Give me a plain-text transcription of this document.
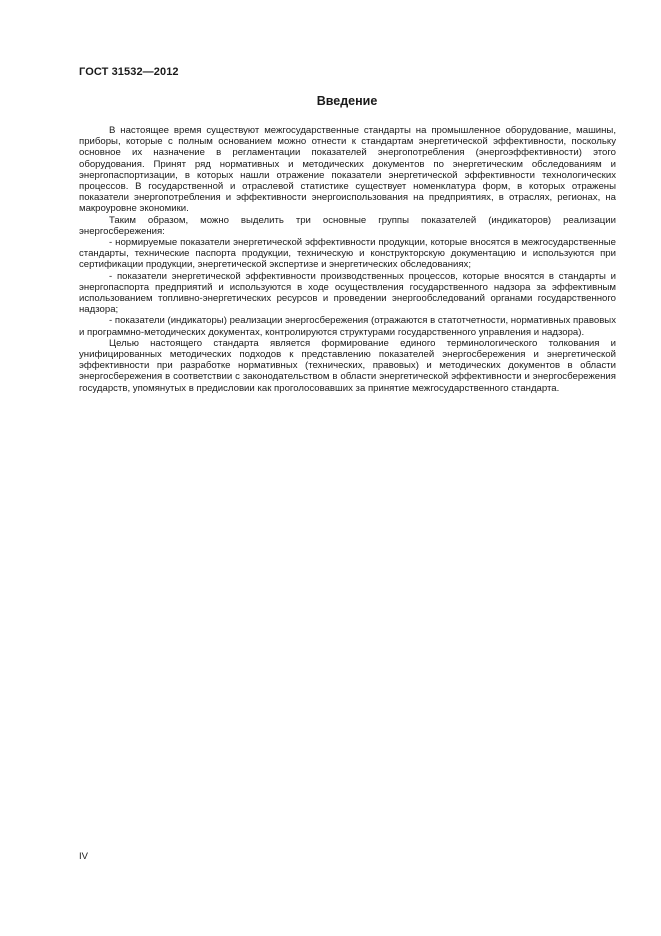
ГОСТ 31532—2012
Введение

В настоящее время существуют межгосударственные стандарты на промышленное оборудование, машины, приборы, которые с полным основанием можно отнести к стандартам энергетической эффективности, поскольку основное их назначение в регламентации показателей энергопотребления (энергоэффективности) этого оборудования. Принят ряд нормативных и методических документов по энергетическим обследованиям и энергопаспортизации, в которых нашли отражение показатели энергетической эффективности технологических процессов. В государственной и отраслевой статистике существует номенклатура форм, в которых отражены показатели энергопотребления и эффективности энергоиспользования на предприятиях, в отраслях, регионах, на макроуровне экономики.

Таким образом, можно выделить три основные группы показателей (индикаторов) реализации энергосбережения:

- нормируемые показатели энергетической эффективности продукции, которые вносятся в межгосударственные стандарты, технические паспорта продукции, техническую и конструкторскую документацию и используются при сертификации продукции, энергетической экспертизе и энергетических обследованиях;

- показатели энергетической эффективности производственных процессов, которые вносятся в стандарты и энергопаспорта предприятий и используются в ходе осуществления государственного надзора за эффективным использованием топливно-энергетических ресурсов и проведении энергообследований органами государственного надзора;

- показатели (индикаторы) реализации энергосбережения (отражаются в статотчетности, нормативных правовых и программно-методических документах, контролируются структурами государственного управления и надзора).

Целью настоящего стандарта является формирование единого терминологического толкования и унифицированных методических подходов к представлению показателей энергосбережения и энергетической эффективности при разработке нормативных (технических, правовых) и методических документов в области энергосбережения в соответствии с законодательством в области энергетической эффективности и энергосбережения государств, упомянутых в предисловии как проголосовавших за принятие межгосударственного стандарта.

IV
